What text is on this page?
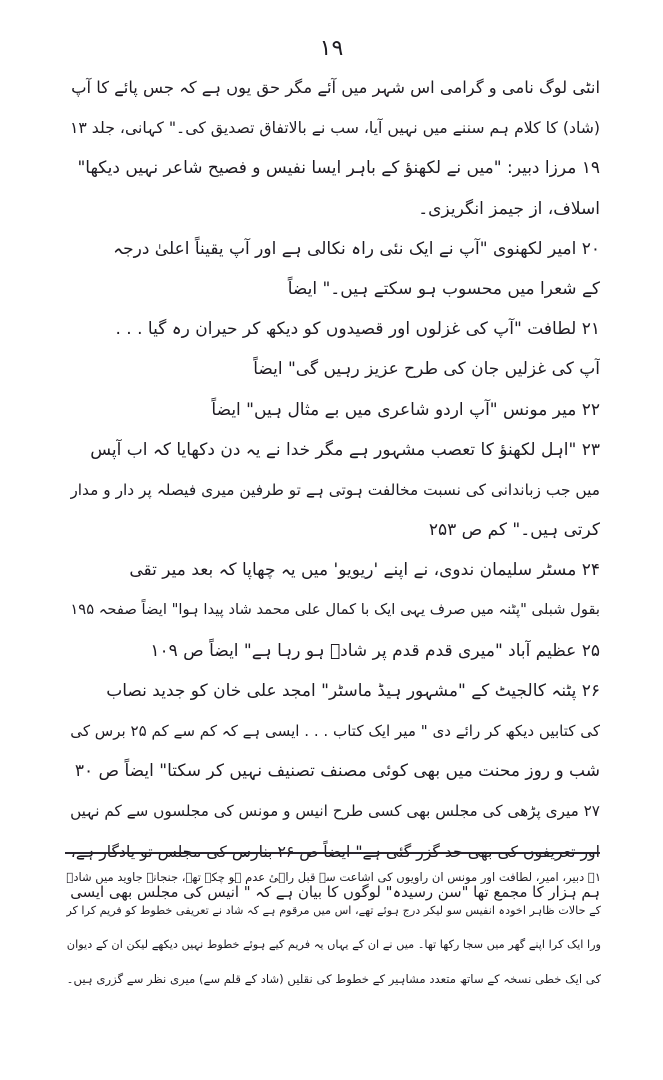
۱۹
انٹی لوگ نامی و گرامی اس شہر میں آئے مگر حق یوں ہے کہ جس پائے کا آپ
(شاد) کا کلام ہم سننے میں نہیں آیا، سب نے بالاتفاق تصدیق کی۔" کہانی، جلد ۱۳
۱۹ مرزا دبیر: "میں نے لکھنؤ کے باہر ایسا نفیس و فصیح شاعر نہیں دیکھا"
اسلاف، از جیمز انگریزی۔
۲۰ امیر لکھنوی "آپ نے ایک نئی راہ نکالی ہے اور آپ یقیناً اعلیٰ درجہ
کے شعرا میں محسوب ہو سکتے ہیں۔" ایضاً
۲۱ لطافت "آپ کی غزلوں اور قصیدوں کو دیکھ کر حیران رہ گیا . . .
آپ کی غزلیں جان کی طرح عزیز رہیں گی" ایضاً
۲۲ میر مونس "آپ اردو شاعری میں بے مثال ہیں" ایضاً
۲۳ "اہل لکھنؤ کا تعصب مشہور ہے مگر خدا نے یہ دن دکھایا کہ اب آپس
میں جب زباندانی کی نسبت مخالفت ہوتی ہے تو طرفین میری فیصلہ پر دار و مدار
کرتی ہیں۔" کم ص ۲۵۳
۲۴ مسٹر سلیمان ندوی، نے اپنے 'ریویو' میں یہ چھاپا کہ بعد میر تقی
بقول شبلی "پٹنہ میں صرف یہی ایک با کمال علی محمد شاد پیدا ہوا" ایضاً صفحہ ۱۹۵
۲۵ عظیم آباد "میری قدم قدم پر شادؔ ہو رہا ہے" ایضاً ص ۱۰۹
۲۶ پٹنہ کالجیٹ کے "مشہور ہیڈ ماسٹر" امجد علی خان کو جدید نصاب
کی کتابیں دیکھ کر رائے دی " میر ایک کتاب . . . ایسی ہے کہ کم سے کم ۲۵ برس کی
شب و روز محنت میں بھی کوئی مصنف تصنیف نہیں کر سکتا" ایضاً ص ۳۰
۲۷ میری پڑھی کی مجلس بھی کسی طرح انیس و مونس کی مجلسوں سے کم نہیں
ہم ہزار کا مجمع تھا "سن رسیدہ" لوگوں کا بیان ہے کہ " انیس کی مجلس بھی ایسی
۱۔ دبیر، امیر، لطافت اور مونس ان راویوں کی اشاعت سے قبل راہیٔ عدم ہو چکے تھے، جنجانہ جاوید میں شادؔ
کے حالات ظاہر اخودہ انفیس سو لیکر درج ہوئے تھے، اس میں مرقوم ہے کہ شاد نے تعریفی خطوط کو فریم کرا کر
ورا ایک کرا اپنے گھر میں سجا رکھا تھا۔ میں نے ان کے یہاں یہ فریم کیے ہوئے خطوط نہیں دیکھے لیکن ان کے دیوان
کی ایک خطی نسخہ کے ساتھ متعدد مشاہیر کے خطوط کی نقلیں (شاد کے قلم سے) میری نظر سے گزری ہیں۔
